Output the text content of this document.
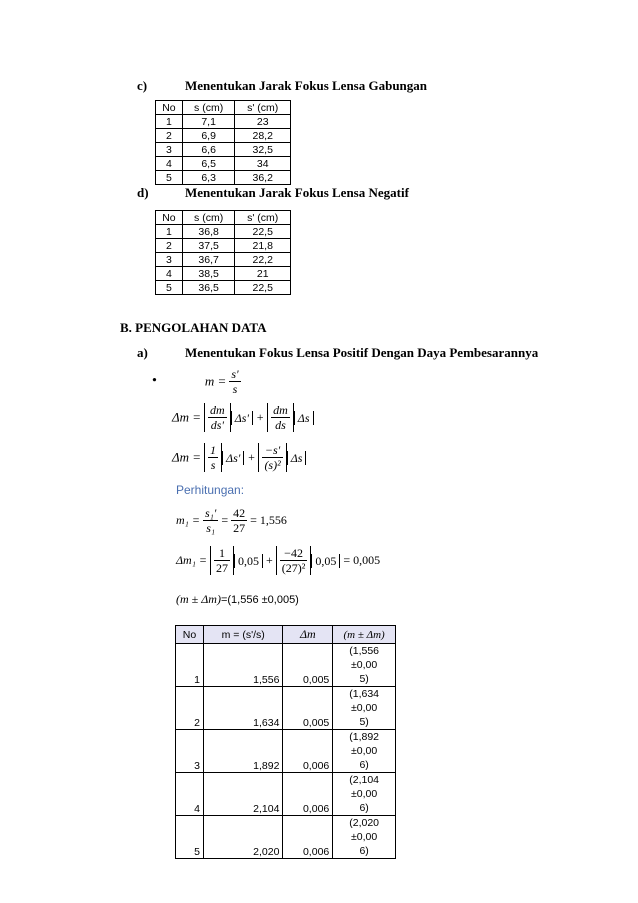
c)	Menentukan Jarak Fokus Lensa Gabungan
No	s (cm)	s' (cm)
1	7,1	23
2	6,9	28,2
3	6,6	32,5
4	6,5	34
5	6,3	36,2
d)	Menentukan Jarak Fokus Lensa Negatif
No	s (cm)	s' (cm)
1	36,8	22,5
2	37,5	21,8
3	36,7	22,2
4	38,5	21
5	36,5	22,5
B. PENGOLAHAN DATA
a)	Menentukan Fokus Lensa Positif Dengan Daya Pembesarannya
•	$m = \frac{s'}{s}$
$\Delta m = \frac{dm}{ds'} \Delta s' + \frac{dm}{ds}$ Δs
$\Delta m = \frac{1}{s} \Delta s' + \frac{-s'}{\text{(s)²}}$ Δs
Perhitungan:
$m_1 = \frac{\text{s₁'}}{\text{s₁}} = \frac{42}{27} = 1,556$
$\Delta m_1 = \frac{1}{27} 0,05 + \frac{-42}{\text{(27)²}} 0,05 = 0,005$
(m ± Δm)=(1,556 ±0,005)
No	m = (s'/s)	Δm	(m ± Δm)
1	1,556	0,005	(1,556 ±0,00
5)

2	1,634	0,005	(1,634 ±0,00
5)

3	1,892	0,006	(1,892 ±0,00
6)

4	2,104	0,006	(2,104 ±0,00
6)

5	2,020	0,006	(2,020 ±0,00
6)
